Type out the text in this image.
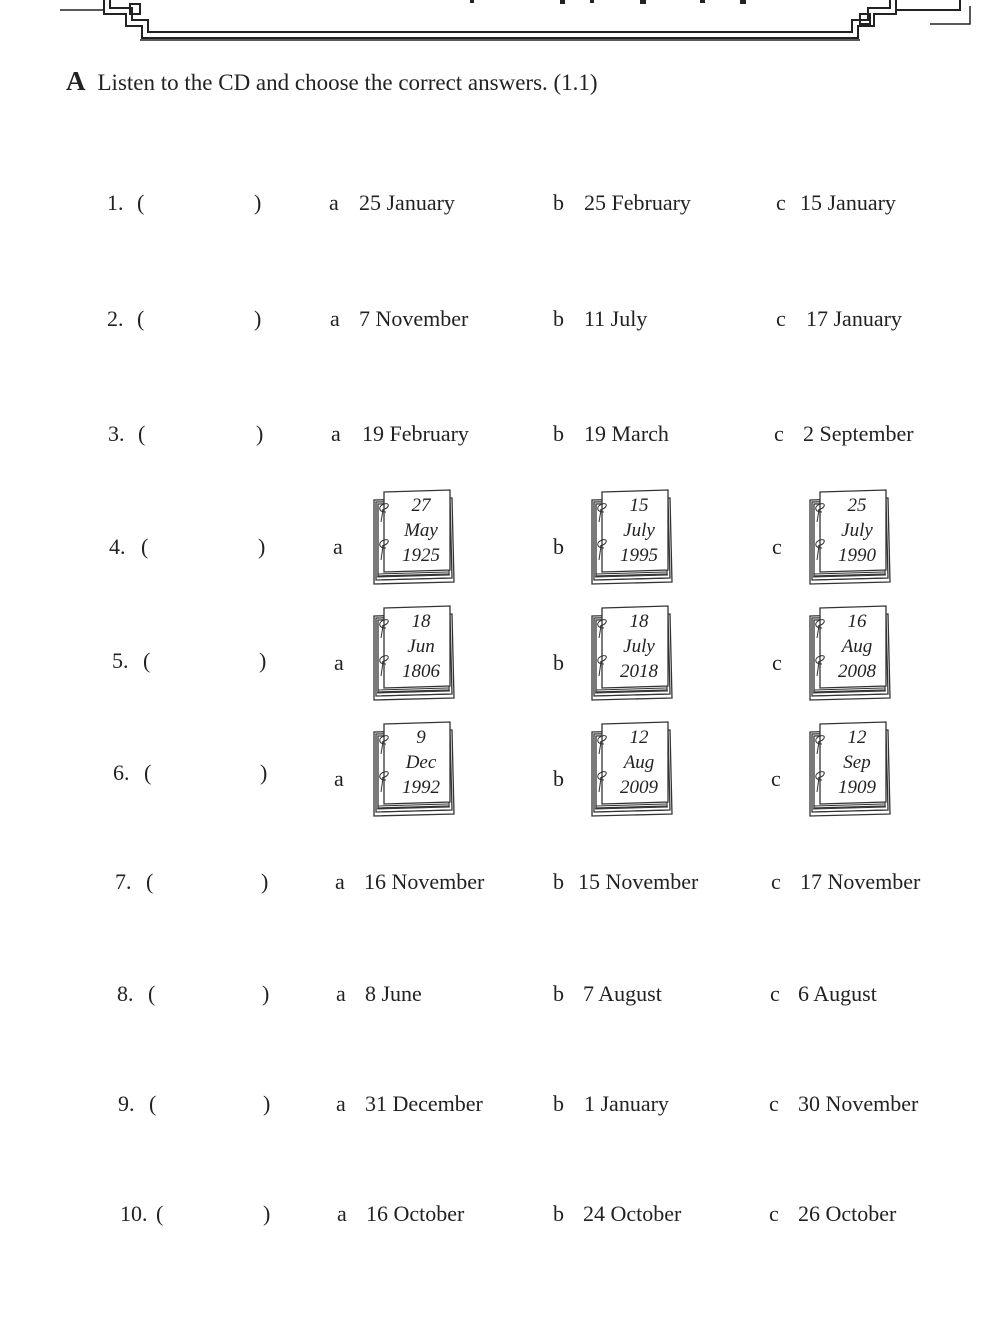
A Listen to the CD and choose the correct answers. (1.1)
1. (	)	a 25 January	b 25 February	c 15 January
2. (	)	a 7 November	b 11 July	c 17 January
3. (	)	a 19 February	b 19 March	c 2 September
4. (	)	a
27
May
1925	b
15
July
1995	c
25
July
1990
5. (	)	a
18
Jun
1806	b
18
July
2018	c
16
Aug
2008
6. (	)	a
9
Dec
1992	b
12
Aug
2009	c
12
Sep
1909
7. (	)	a 16 November	b 15 November	c 17 November
8. (	)	a 8 June	b 7 August	c 6 August
9. (	)	a 31 December	b 1 January	c 30 November
10. (	)	a 16 October	b 24 October	c 26 October
